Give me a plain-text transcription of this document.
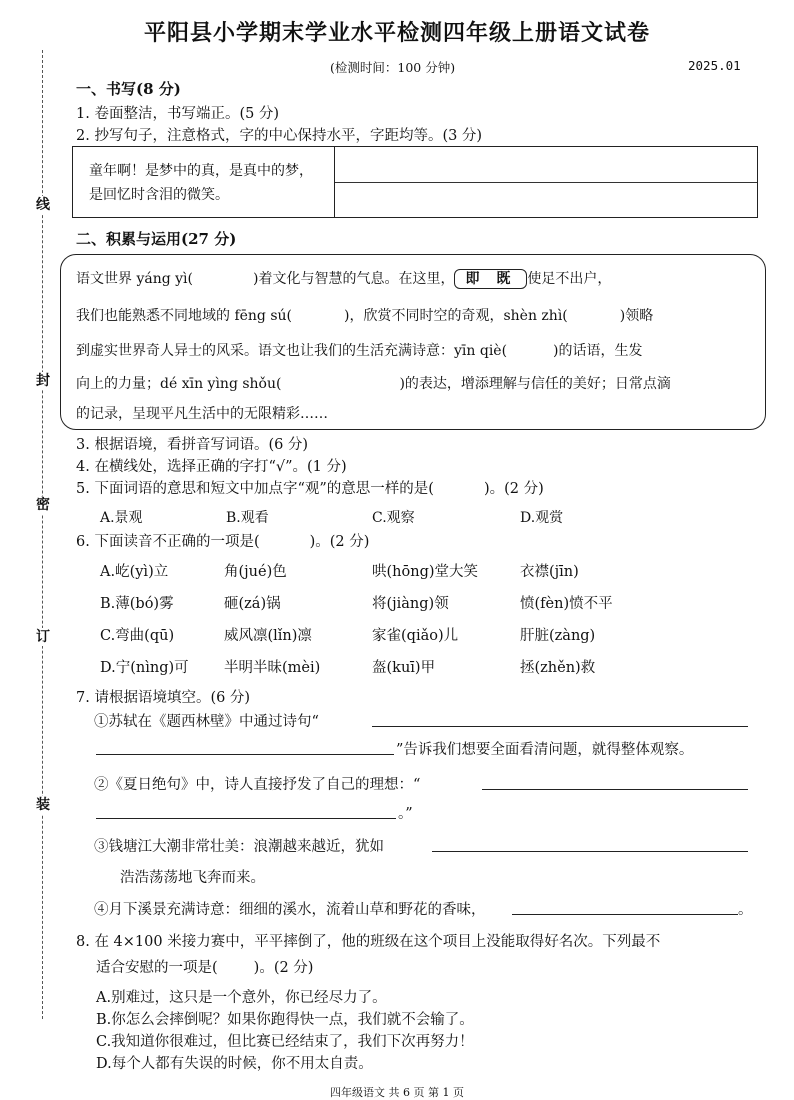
线
封
密
订
装
平阳县小学期末学业水平检测四年级上册语文试卷
(检测时间：100 分钟)	2025.01
一、书写(8 分)
1. 卷面整洁，书写端正。(5 分)
2. 抄写句子，注意格式，字的中心保持水平，字距均等。(3 分)
童年啊！是梦中的真，是真中的梦，是回忆时含泪的微笑。
二、积累与运用(27 分)
语文世界 yáng yì(	)着文化与智慧的气息。在这里， 即 既 使足不出户，
我们也能熟悉不同地域的 fēng sú(	)，欣赏不同时空的奇观，shèn zhì(	)领略
到虚实世界奇人异士的风采。语文也让我们的生活充满诗意：yīn qiè(	)的话语，生发
向上的力量；dé xīn yìng shǒu(	)的表达，增添理解与信任的美好；日常点滴
的记录，呈现平凡生活中的无限精彩……
3. 根据语境，看拼音写词语。(6 分)
4. 在横线处，选择正确的字打“√”。(1 分)
5. 下面词语的意思和短文中加点字“观”的意思一样的是(	)。(2 分)
A.景观	B.观看	C.观察	D.观赏
6. 下面读音不正确的一项是(	)。(2 分)
A.屹(yì)立	角(jué)色	哄(hōng)堂大笑	衣襟(jīn)
B.薄(bó)雾	砸(zá)锅	将(jiàng)领	愤(fèn)愤不平
C.弯曲(qū)	威风凛(lǐn)凛	家雀(qiǎo)儿	肝脏(zàng)
D.宁(nìng)可 半明半昧(mèi)	盔(kuī)甲	拯(zhěn)救
7. 请根据语境填空。(6 分)
①苏轼在《题西林壁》中通过诗句“
”告诉我们想要全面看清问题，就得整体观察。
②《夏日绝句》中，诗人直接抒发了自己的理想：“
。”
③钱塘江大潮非常壮美：浪潮越来越近，犹如
浩浩荡荡地飞奔而来。
④月下溪景充满诗意：细细的溪水，流着山草和野花的香味，	。
8. 在 4×100 米接力赛中，平平摔倒了，他的班级在这个项目上没能取得好名次。下列最不
适合安慰的一项是( )。(2 分)
A.别难过，这只是一个意外，你已经尽力了。
B.你怎么会摔倒呢？如果你跑得快一点，我们就不会输了。
C.我知道你很难过，但比赛已经结束了，我们下次再努力！
D.每个人都有失误的时候，你不用太自责。
四年级语文 共 6 页 第 1 页
